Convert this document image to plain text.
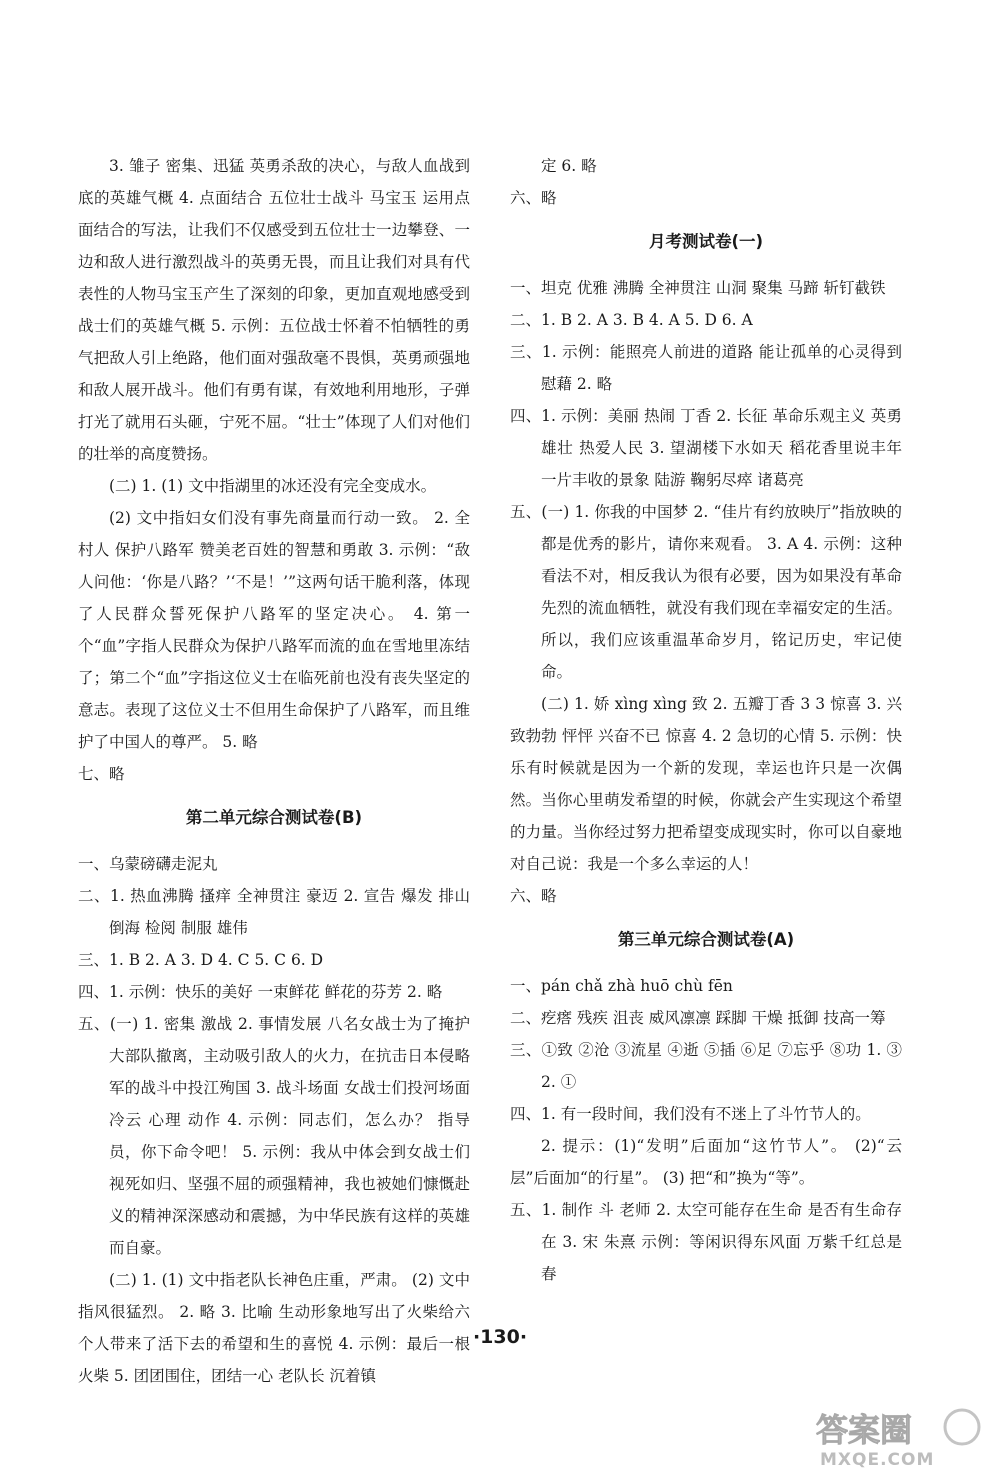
3. 雏子 密集、迅猛 英勇杀敌的决心，与敌人血战到底的英雄气概 4. 点面结合 五位壮士战斗 马宝玉 运用点面结合的写法，让我们不仅感受到五位壮士一边攀登、一边和敌人进行激烈战斗的英勇无畏，而且让我们对具有代表性的人物马宝玉产生了深刻的印象，更加直观地感受到战士们的英雄气概 5. 示例：五位战士怀着不怕牺牲的勇气把敌人引上绝路，他们面对强敌毫不畏惧，英勇顽强地和敌人展开战斗。他们有勇有谋，有效地利用地形，子弹打光了就用石头砸，宁死不屈。“壮士”体现了人们对他们的壮举的高度赞扬。

(二) 1. (1) 文中指湖里的冰还没有完全变成水。

(2) 文中指妇女们没有事先商量而行动一致。 2. 全村人 保护八路军 赞美老百姓的智慧和勇敢 3. 示例：“敌人问他：‘你是八路？’‘不是！’”这两句话干脆利落，体现了人民群众誓死保护八路军的坚定决心。 4. 第一个“血”字指人民群众为保护八路军而流的血在雪地里冻结了；第二个“血”字指这位义士在临死前也没有丧失坚定的意志。表现了这位义士不但用生命保护了八路军，而且维护了中国人的尊严。 5. 略

七、略

第二单元综合测试卷(B)

一、乌蒙磅礴走泥丸

二、1. 热血沸腾 搔痒 全神贯注 豪迈 2. 宣告 爆发 排山倒海 检阅 制服 雄伟

三、1. B 2. A 3. D 4. C 5. C 6. D

四、1. 示例：快乐的美好 一束鲜花 鲜花的芬芳 2. 略

五、(一) 1. 密集 激战 2. 事情发展 八名女战士为了掩护大部队撤离，主动吸引敌人的火力，在抗击日本侵略军的战斗中投江殉国 3. 战斗场面 女战士们投河场面 冷云 心理 动作 4. 示例：同志们，怎么办？ 指导员，你下命令吧！ 5. 示例：我从中体会到女战士们视死如归、坚强不屈的顽强精神，我也被她们慷慨赴义的精神深深感动和震撼，为中华民族有这样的英雄而自豪。

(二) 1. (1) 文中指老队长神色庄重，严肃。 (2) 文中指风很猛烈。 2. 略 3. 比喻 生动形象地写出了火柴给六个人带来了活下去的希望和生的喜悦 4. 示例：最后一根火柴 5. 团团围住，团结一心 老队长 沉着镇

定 6. 略

六、略

月考测试卷(一)

一、坦克 优雅 沸腾 全神贯注 山洞 聚集 马蹄 斩钉截铁

二、1. B 2. A 3. B 4. A 5. D 6. A

三、1. 示例：能照亮人前进的道路 能让孤单的心灵得到慰藉 2. 略

四、1. 示例：美丽 热闹 丁香 2. 长征 革命乐观主义 英勇 雄壮 热爱人民 3. 望湖楼下水如天 稻花香里说丰年 一片丰收的景象 陆游 鞠躬尽瘁 诸葛亮

五、(一) 1. 你我的中国梦 2. “佳片有约放映厅”指放映的都是优秀的影片，请你来观看。 3. A 4. 示例：这种看法不对，相反我认为很有必要，因为如果没有革命先烈的流血牺牲，就没有我们现在幸福安定的生活。所以，我们应该重温革命岁月，铭记历史，牢记使命。

(二) 1. 娇 xìng xìng 致 2. 五瓣丁香 3 3 惊喜 3. 兴致勃勃 怦怦 兴奋不已 惊喜 4. 2 急切的心情 5. 示例：快乐有时候就是因为一个新的发现，幸运也许只是一次偶然。当你心里萌发希望的时候，你就会产生实现这个希望的力量。当你经过努力把希望变成现实时，你可以自豪地对自己说：我是一个多么幸运的人！

六、略

第三单元综合测试卷(A)

一、pán chǎ zhà huō chù fēn

二、疙瘩 残疾 沮丧 威风凛凛 踩脚 干燥 抵御 技高一筹

三、①致 ②沧 ③流星 ④逝 ⑤插 ⑥足 ⑦忘乎 ⑧功 1. ③ 2. ①

四、1. 有一段时间，我们没有不迷上了斗竹节人的。

2. 提示：(1)“发明”后面加“这竹节人”。 (2)“云层”后面加“的行星”。 (3) 把“和”换为“等”。

五、1. 制作 斗 老师 2. 太空可能存在生命 是否有生命存在 3. 宋 朱熹 示例：等闲识得东风面 万紫千红总是春

·130·
答案圈
MXQE.COM
